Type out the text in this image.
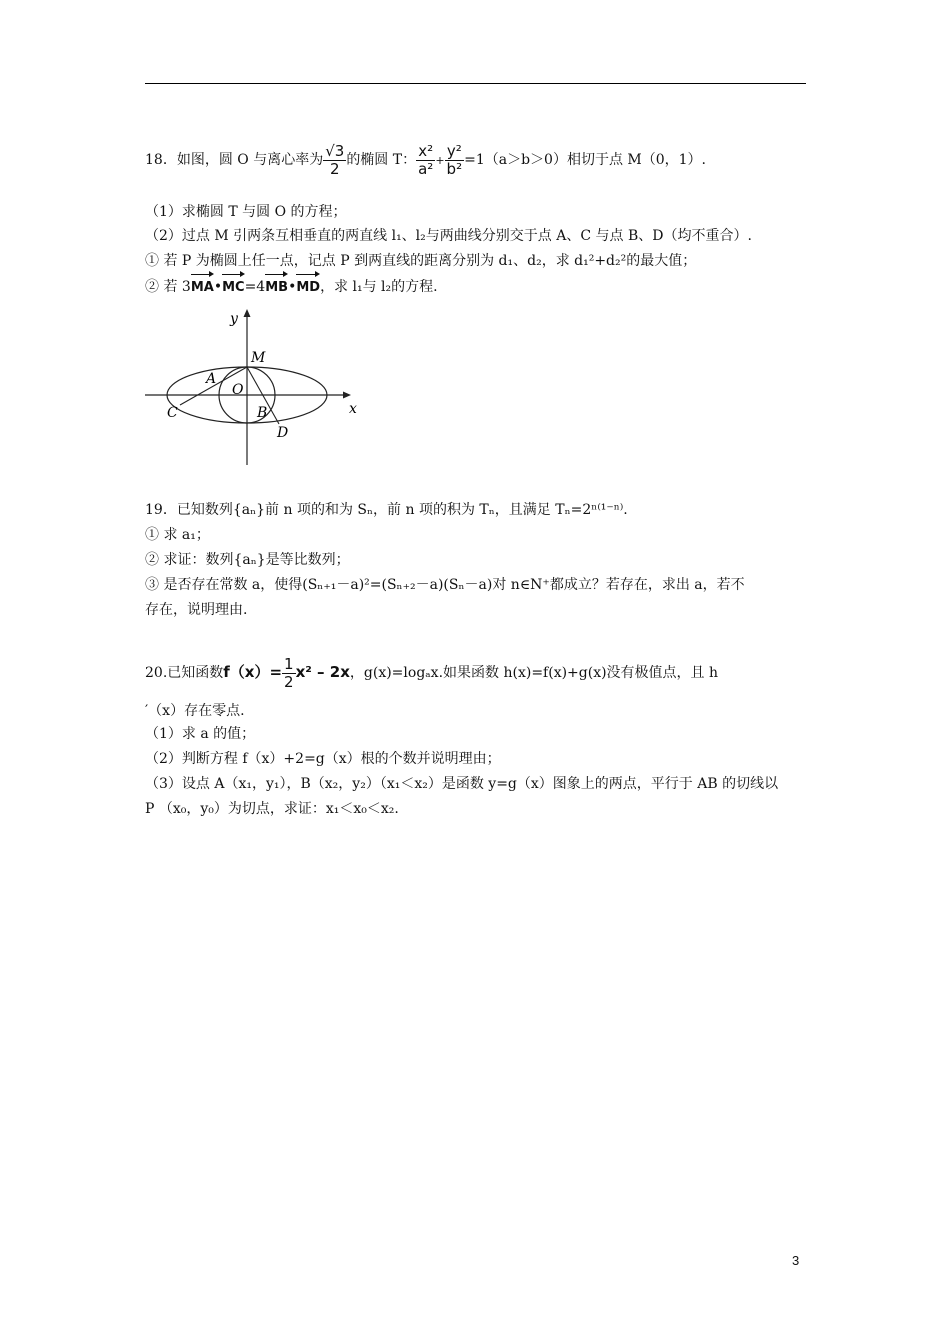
18．如图，圆 O 与离心率为 $\frac{√3}{2}$ 的椭圆 T： $\frac{\text{x²}}{\text{a²}} + \frac{\text{y²}}{\text{b²}} =1(a>b>0)$相切于点 M（0，1）.
（1）求椭圆 T 与圆 O 的方程；
（2）过点 M 引两条互相垂直的两直线 l₁、l₂与两曲线分别交于点 A、C 与点 B、D（均不重合）.
① 若 P 为椭圆上任一点，记点 P 到两直线的距离分别为 d₁、d₂，求 d₁²+d₂²的最大值；
② 若 3MA•MC=4MB•MD，求 l₁与 l₂的方程.
y
x
M
A
O
C	B
D
19．已知数列{aₙ}前 n 项的和为 Sₙ，前 n 项的积为 Tₙ，且满足 Tₙ=2ⁿ⁽¹⁻ⁿ⁾.
① 求 a₁；
② 求证：数列{aₙ}是等比数列；
③ 是否存在常数 a，使得(Sₙ₊₁－a)²=(Sₙ₊₂－a)(Sₙ－a)对 n∈N⁺都成立？若存在，求出 a，若不
存在，说明理由.
20.已知函数$f(x)= \frac{1}{2} x^2 - 2x$，g(x)=logₐx.如果函数 h(x)=f(x)+g(x)没有极值点，且 h
′（x）存在零点.
（1）求 a 的值；
（2）判断方程 f（x）+2=g（x）根的个数并说明理由；
（3）设点 A（x₁，y₁），B（x₂，y₂）（x₁＜x₂）是函数 y=g（x）图象上的两点，平行于 AB 的切线以
P （x₀，y₀）为切点，求证：x₁＜x₀＜x₂.
3
